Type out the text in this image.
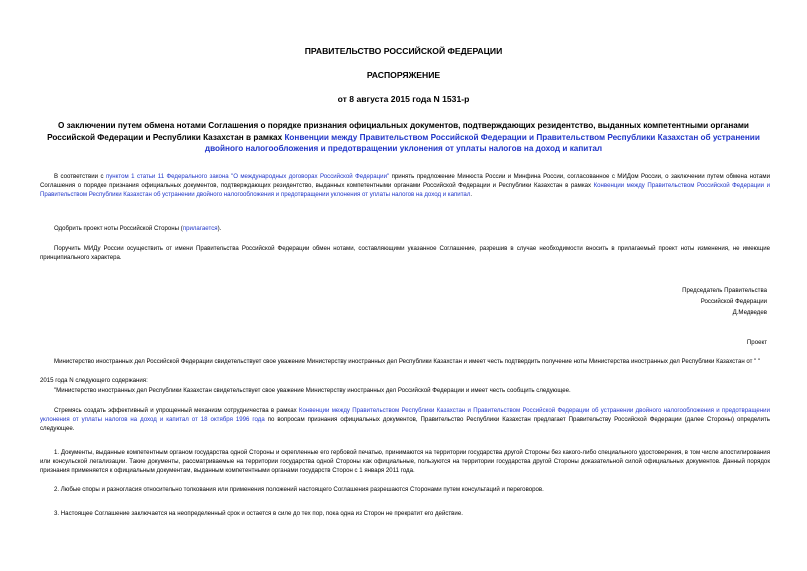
ПРАВИТЕЛЬСТВО РОССИЙСКОЙ ФЕДЕРАЦИИ
РАСПОРЯЖЕНИЕ
от 8 августа 2015 года N 1531-р
О заключении путем обмена нотами Соглашения о порядке признания официальных документов, подтверждающих резидентство, выданных компетентными органами Российской Федерации и Республики Казахстан в рамках Конвенции между Правительством Российской Федерации и Правительством Республики Казахстан об устранении двойного налогообложения и предотвращении уклонения от уплаты налогов на доход и капитал
В соответствии с пунктом 1 статьи 11 Федерального закона "О международных договорах Российской Федерации" принять предложение Минюста России и Минфина России, согласованное с МИДом России, о заключении путем обмена нотами Соглашения о порядке признания официальных документов, подтверждающих резидентство, выданных компетентными органами Российской Федерации и Республики Казахстан в рамках Конвенции между Правительством Российской Федерации и Правительством Республики Казахстан об устранении двойного налогообложения и предотвращении уклонения от уплаты налогов на доход и капитал.
Одобрить проект ноты Российской Стороны (прилагается).
Поручить МИДу России осуществить от имени Правительства Российской Федерации обмен нотами, составляющими указанное Соглашение, разрешив в случае необходимости вносить в прилагаемый проект ноты изменения, не имеющие принципиального характера.
Председатель Правительства
Российской Федерации
Д.Медведев
Проект
Министерство иностранных дел Российской Федерации свидетельствует свое уважение Министерству иностранных дел Республики Казахстан и имеет честь подтвердить получение ноты Министерства иностранных дел Республики Казахстан от " "
2015 года N следующего содержания:
"Министерство иностранных дел Республики Казахстан свидетельствует свое уважение Министерству иностранных дел Российской Федерации и имеет честь сообщить следующее.
Стремясь создать эффективный и упрощенный механизм сотрудничества в рамках Конвенции между Правительством Республики Казахстан и Правительством Российской Федерации об устранении двойного налогообложения и предотвращении уклонения от уплаты налогов на доход и капитал от 18 октября 1996 года по вопросам признания официальных документов, Правительство Республики Казахстан предлагает Правительству Российской Федерации (далее Стороны) определить следующее.
1. Документы, выданные компетентным органом государства одной Стороны и скрепленные его гербовой печатью, принимаются на территории государства другой Стороны без какого-либо специального удостоверения, в том числе апостилирования или консульской легализации. Такие документы, рассматриваемые на территории государства одной Стороны как официальные, пользуются на территории государства другой Стороны доказательной силой официальных документов. Данный порядок признания применяется к официальным документам, выданным компетентными органами государств Сторон с 1 января 2011 года.
2. Любые споры и разногласия относительно толкования или применения положений настоящего Соглашения разрешаются Сторонами путем консультаций и переговоров.
3. Настоящее Соглашение заключается на неопределенный срок и остается в силе до тех пор, пока одна из Сторон не прекратит его действие.
